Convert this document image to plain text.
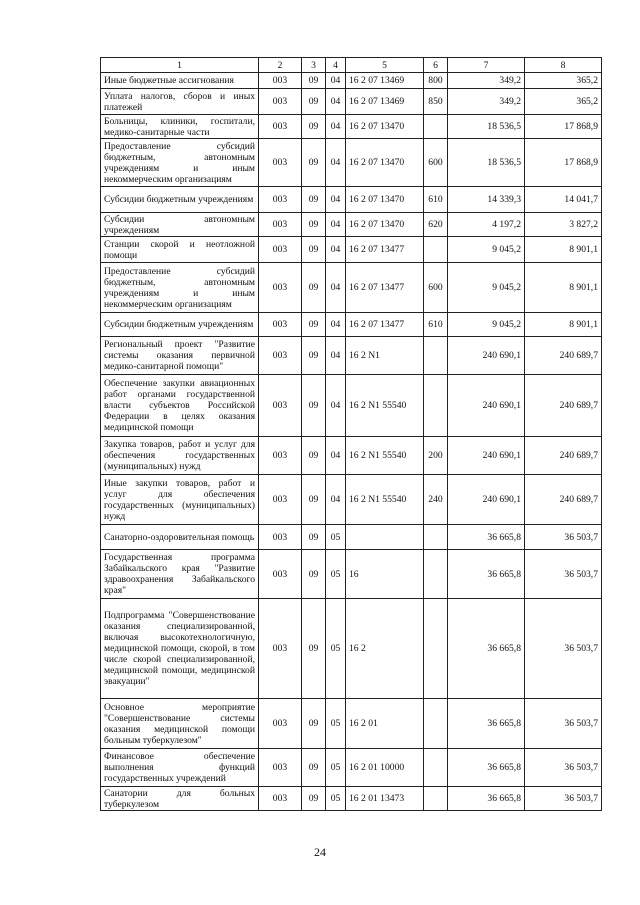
1	2	3	4	5	6	7	8
Иные бюджетные ассигнования	003	09	04	16 2 07 13469	800	349,2	365,2
Уплата налогов, сборов и иных платежей	003	09	04	16 2 07 13469	850	349,2	365,2
Больницы, клиники, госпитали, медико-санитарные части	003	09	04	16 2 07 13470		18 536,5	17 868,9
Предоставление субсидий бюджетным, автономным учреждениям и иным некоммерческим организациям	003	09	04	16 2 07 13470	600	18 536,5	17 868,9
Субсидии бюджетным учреждениям	003	09	04	16 2 07 13470	610	14 339,3	14 041,7
Субсидии автономным учреждениям	003	09	04	16 2 07 13470	620	4 197,2	3 827,2
Станции скорой и неотложной помощи	003	09	04	16 2 07 13477		9 045,2	8 901,1
Предоставление субсидий бюджетным, автономным учреждениям и иным некоммерческим организациям	003	09	04	16 2 07 13477	600	9 045,2	8 901,1
Субсидии бюджетным учреждениям	003	09	04	16 2 07 13477	610	9 045,2	8 901,1
Региональный проект "Развитие системы оказания первичной медико-санитарной помощи"	003	09	04	16 2 N1		240 690,1	240 689,7
Обеспечение закупки авиационных работ органами государственной власти субъектов Российской Федерации в целях оказания медицинской помощи	003	09	04	16 2 N1 55540		240 690,1	240 689,7
Закупка товаров, работ и услуг для обеспечения государственных (муниципальных) нужд	003	09	04	16 2 N1 55540	200	240 690,1	240 689,7
Иные закупки товаров, работ и услуг для обеспечения государственных (муниципальных) нужд	003	09	04	16 2 N1 55540	240	240 690,1	240 689,7
Санаторно-оздоровительная помощь	003	09	05			36 665,8	36 503,7
Государственная программа Забайкальского края "Развитие здравоохранения Забайкальского края"	003	09	05	16		36 665,8	36 503,7
Подпрограмма "Совершенствование оказания специализированной, включая высокотехнологичную, медицинской помощи, скорой, в том числе скорой специализированной, медицинской помощи, медицинской эвакуации"	003	09	05	16 2		36 665,8	36 503,7
Основное мероприятие "Совершенствование системы оказания медицинской помощи больным туберкулезом"	003	09	05	16 2 01		36 665,8	36 503,7
Финансовое обеспечение выполнения функций государственных учреждений	003	09	05	16 2 01 10000		36 665,8	36 503,7
Санатории для больных туберкулезом	003	09	05	16 2 01 13473		36 665,8	36 503,7
24
